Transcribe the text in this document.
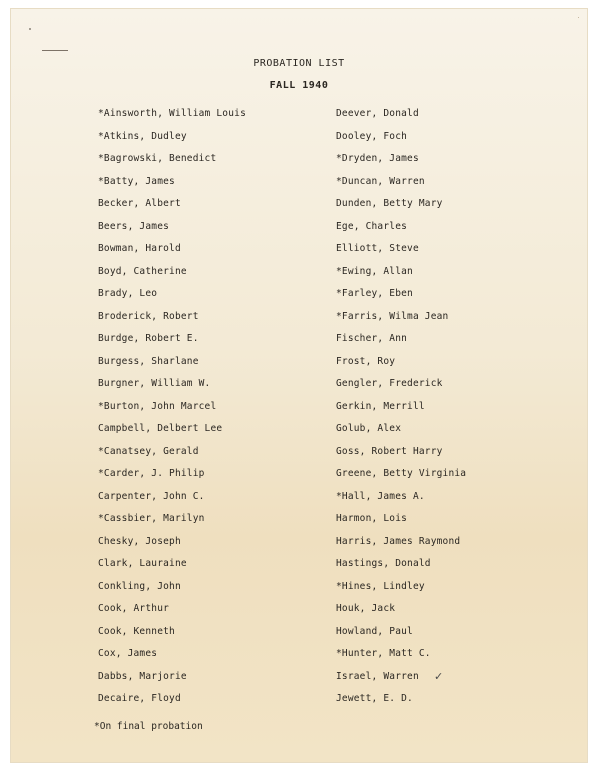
PROBATION LIST
FALL 1940
*Ainsworth, William Louis
*Atkins, Dudley
*Bagrowski, Benedict
*Batty, James
Becker, Albert
Beers, James
Bowman, Harold
Boyd, Catherine
Brady, Leo
Broderick, Robert
Burdge, Robert E.
Burgess, Sharlane
Burgner, William W.
*Burton, John Marcel
Campbell, Delbert Lee
*Canatsey, Gerald
*Carder, J. Philip
Carpenter, John C.
*Cassbier, Marilyn
Chesky, Joseph
Clark, Lauraine
Conkling, John
Cook, Arthur
Cook, Kenneth
Cox, James
Dabbs, Marjorie
Decaire, Floyd
Deever, Donald
Dooley, Foch
*Dryden, James
*Duncan, Warren
Dunden, Betty Mary
Ege, Charles
Elliott, Steve
*Ewing, Allan
*Farley, Eben
*Farris, Wilma Jean
Fischer, Ann
Frost, Roy
Gengler, Frederick
Gerkin, Merrill
Golub, Alex
Goss, Robert Harry
Greene, Betty Virginia
*Hall, James A.
Harmon, Lois
Harris, James Raymond
Hastings, Donald
*Hines, Lindley
Houk, Jack
Howland, Paul
*Hunter, Matt C.
Israel, Warren
Jewett, E. D.
✓
*On final probation
